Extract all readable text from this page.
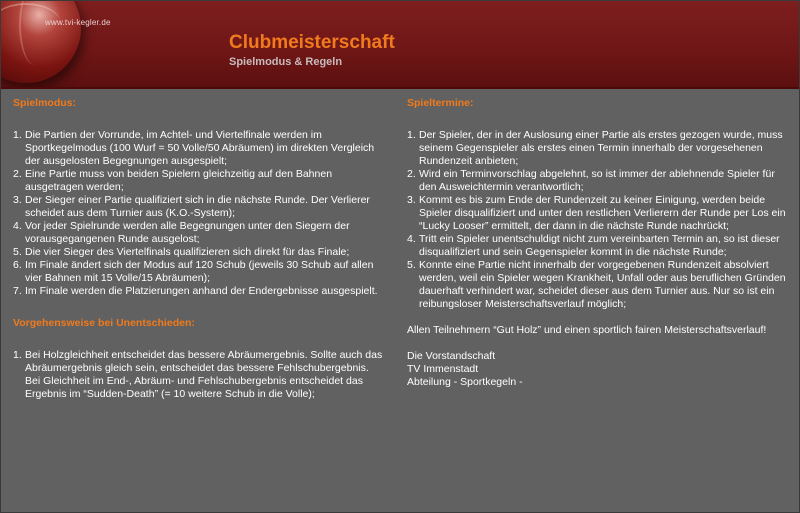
www.tvi-kegler.de
Clubmeisterschaft
Spielmodus & Regeln
Spielmodus:
1. Die Partien der Vorrunde, im Achtel- und Viertelfinale werden im Sportkegelmodus (100 Wurf = 50 Volle/50 Abräumen) im direkten Vergleich der ausgelosten Begegnungen ausgespielt;
2. Eine Partie muss von beiden Spielern gleichzeitig auf den Bahnen ausgetragen werden;
3. Der Sieger einer Partie qualifiziert sich in die nächste Runde. Der Verlierer scheidet aus dem Turnier aus (K.O.-System);
4. Vor jeder Spielrunde werden alle Begegnungen unter den Siegern der vorausgegangenen Runde ausgelost;
5. Die vier Sieger des Viertelfinals qualifizieren sich direkt für das Finale;
6. Im Finale ändert sich der Modus auf 120 Schub (jeweils 30 Schub auf allen vier Bahnen mit 15 Volle/15 Abräumen);
7. Im Finale werden die Platzierungen anhand der Endergebnisse ausgespielt.
Vorgehensweise bei Unentschieden:
1. Bei Holzgleichheit entscheidet das bessere Abräumergebnis. Sollte auch das Abräumergebnis gleich sein, entscheidet das bessere Fehlschubergebnis. Bei Gleichheit im End-, Abräum- und Fehlschubergebnis entscheidet das Ergebnis im “Sudden-Death” (= 10 weitere Schub in die Volle);
Spieltermine:
1. Der Spieler, der in der Auslosung einer Partie als erstes gezogen wurde, muss seinem Gegenspieler als erstes einen Termin innerhalb der vorgesehenen Rundenzeit anbieten;
2. Wird ein Terminvorschlag abgelehnt, so ist immer der ablehnende Spieler für den Ausweichtermin verantwortlich;
3. Kommt es bis zum Ende der Rundenzeit zu keiner Einigung, werden beide Spieler disqualifiziert und unter den restlichen Verlierern der Runde per Los ein “Lucky Looser” ermittelt, der dann in die nächste Runde nachrückt;
4. Tritt ein Spieler unentschuldigt nicht zum vereinbarten Termin an, so ist dieser disqualifiziert und sein Gegenspieler kommt in die nächste Runde;
5. Konnte eine Partie nicht innerhalb der vorgegebenen Rundenzeit absolviert werden, weil ein Spieler wegen Krankheit, Unfall oder aus beruflichen Gründen dauerhaft verhindert war, scheidet dieser aus dem Turnier aus. Nur so ist ein reibungsloser Meisterschaftsverlauf möglich;
Allen Teilnehmern “Gut Holz” und einen sportlich fairen Meisterschaftsverlauf!
Die Vorstandschaft
TV Immenstadt
Abteilung - Sportkegeln -
